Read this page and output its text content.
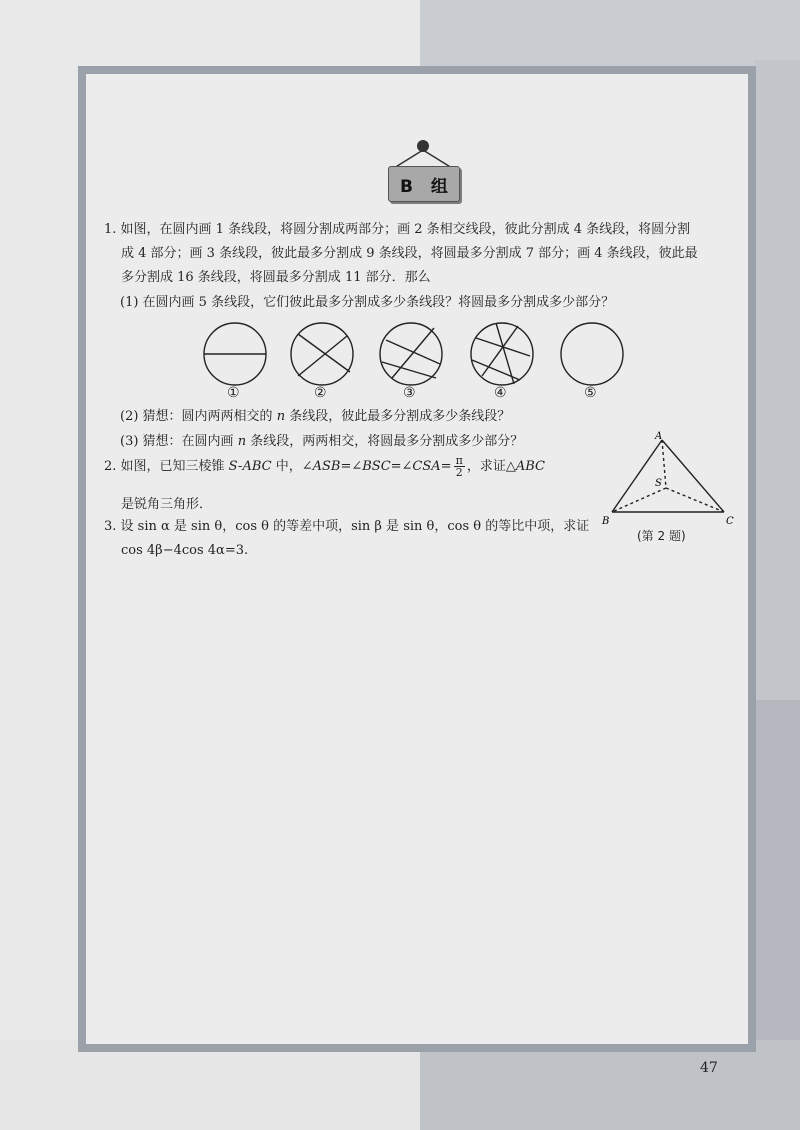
B 组
1. 如图，在圆内画 1 条线段，将圆分割成两部分；画 2 条相交线段，彼此分割成 4 条线段，将圆分割
成 4 部分；画 3 条线段，彼此最多分割成 9 条线段，将圆最多分割成 7 部分；画 4 条线段，彼此最
多分割成 16 条线段，将圆最多分割成 11 部分．那么
(1) 在圆内画 5 条线段，它们彼此最多分割成多少条线段？将圆最多分割成多少部分？
①	②	③	④	⑤
(2) 猜想：圆内两两相交的 n 条线段，彼此最多分割成多少条线段？
(3) 猜想：在圆内画 n 条线段，两两相交，将圆最多分割成多少部分？
2. 如图，已知三棱锥 S-ABC 中，∠ASB=∠BSC=∠CSA= $\frac{\pi}{2}$ ，求证△ABC
是锐角三角形．
A
S
B	C
(第 2 题)
3. 设 sin α 是 sin θ，cos θ 的等差中项，sin β 是 sin θ，cos θ 的等比中项，求证
cos 4β−4cos 4α=3.
47
